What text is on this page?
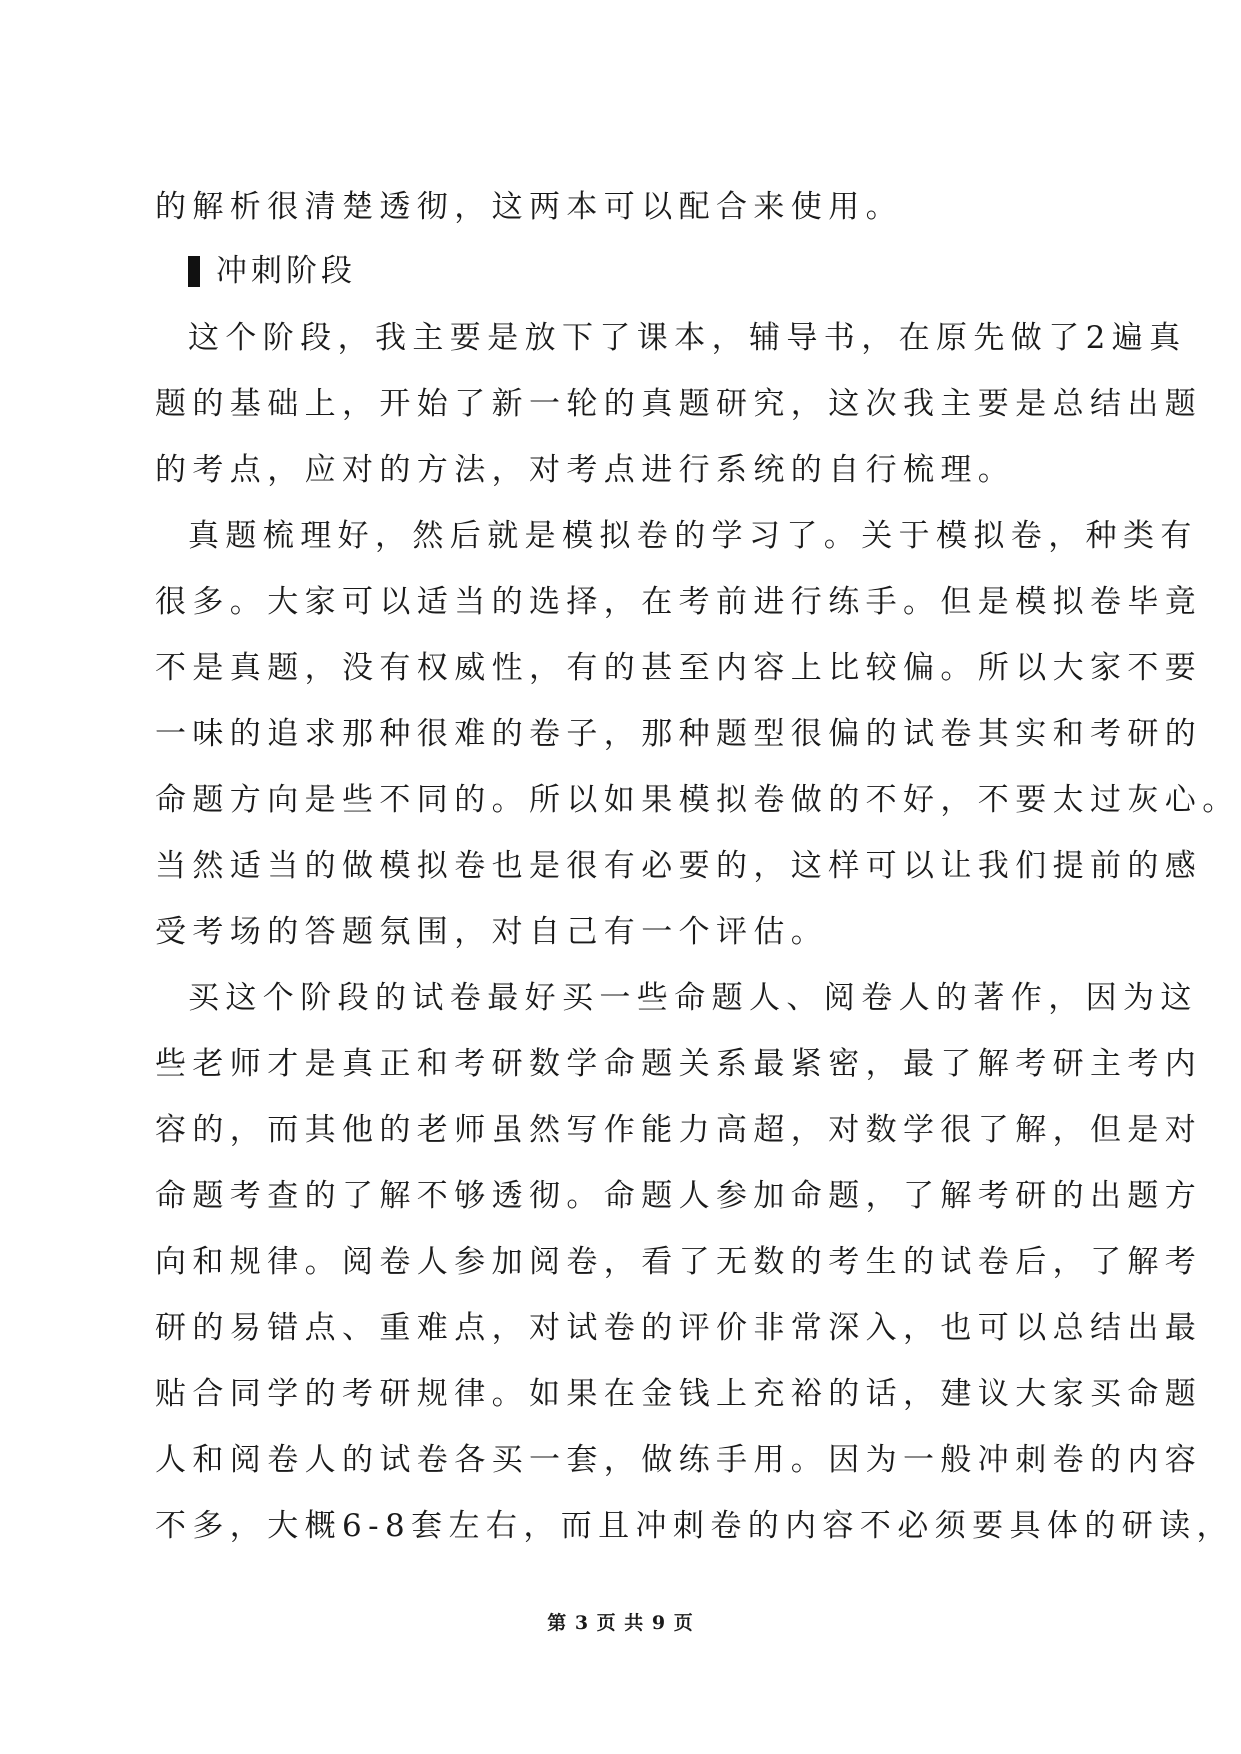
的解析很清楚透彻，这两本可以配合来使用。
冲刺阶段
这个阶段，我主要是放下了课本，辅导书，在原先做了2遍真
题的基础上，开始了新一轮的真题研究，这次我主要是总结出题
的考点，应对的方法，对考点进行系统的自行梳理。
真题梳理好，然后就是模拟卷的学习了。关于模拟卷，种类有
很多。大家可以适当的选择，在考前进行练手。但是模拟卷毕竟
不是真题，没有权威性，有的甚至内容上比较偏。所以大家不要
一味的追求那种很难的卷子，那种题型很偏的试卷其实和考研的
命题方向是些不同的。所以如果模拟卷做的不好，不要太过灰心。
当然适当的做模拟卷也是很有必要的，这样可以让我们提前的感
受考场的答题氛围，对自己有一个评估。
买这个阶段的试卷最好买一些命题人、阅卷人的著作，因为这
些老师才是真正和考研数学命题关系最紧密，最了解考研主考内
容的，而其他的老师虽然写作能力高超，对数学很了解，但是对
命题考查的了解不够透彻。命题人参加命题，了解考研的出题方
向和规律。阅卷人参加阅卷，看了无数的考生的试卷后，了解考
研的易错点、重难点，对试卷的评价非常深入，也可以总结出最
贴合同学的考研规律。如果在金钱上充裕的话，建议大家买命题
人和阅卷人的试卷各买一套，做练手用。因为一般冲刺卷的内容
不多，大概6-8套左右，而且冲刺卷的内容不必须要具体的研读，
第 3 页 共 9 页
